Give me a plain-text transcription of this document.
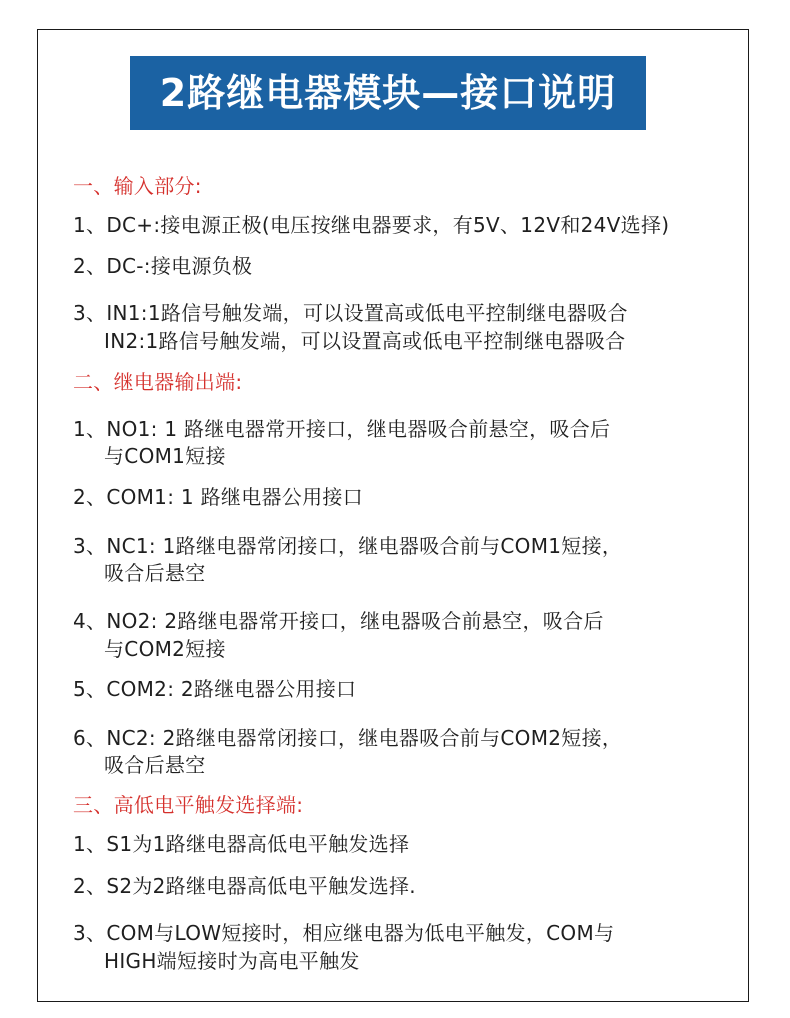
2路继电器模块—接口说明
一、输入部分:
1、DC+:接电源正极(电压按继电器要求，有5V、12V和24V选择)
2、DC-:接电源负极
3、IN1:1路信号触发端，可以设置高或低电平控制继电器吸合
IN2:1路信号触发端，可以设置高或低电平控制继电器吸合
二、继电器输出端:
1、NO1: 1 路继电器常开接口，继电器吸合前悬空，吸合后
与COM1短接
2、COM1: 1 路继电器公用接口
3、NC1: 1路继电器常闭接口，继电器吸合前与COM1短接，
吸合后悬空
4、NO2: 2路继电器常开接口，继电器吸合前悬空，吸合后
与COM2短接
5、COM2: 2路继电器公用接口
6、NC2: 2路继电器常闭接口，继电器吸合前与COM2短接，
吸合后悬空
三、高低电平触发选择端:
1、S1为1路继电器高低电平触发选择
2、S2为2路继电器高低电平触发选择.
3、COM与LOW短接时，相应继电器为低电平触发，COM与
HIGH端短接时为高电平触发
